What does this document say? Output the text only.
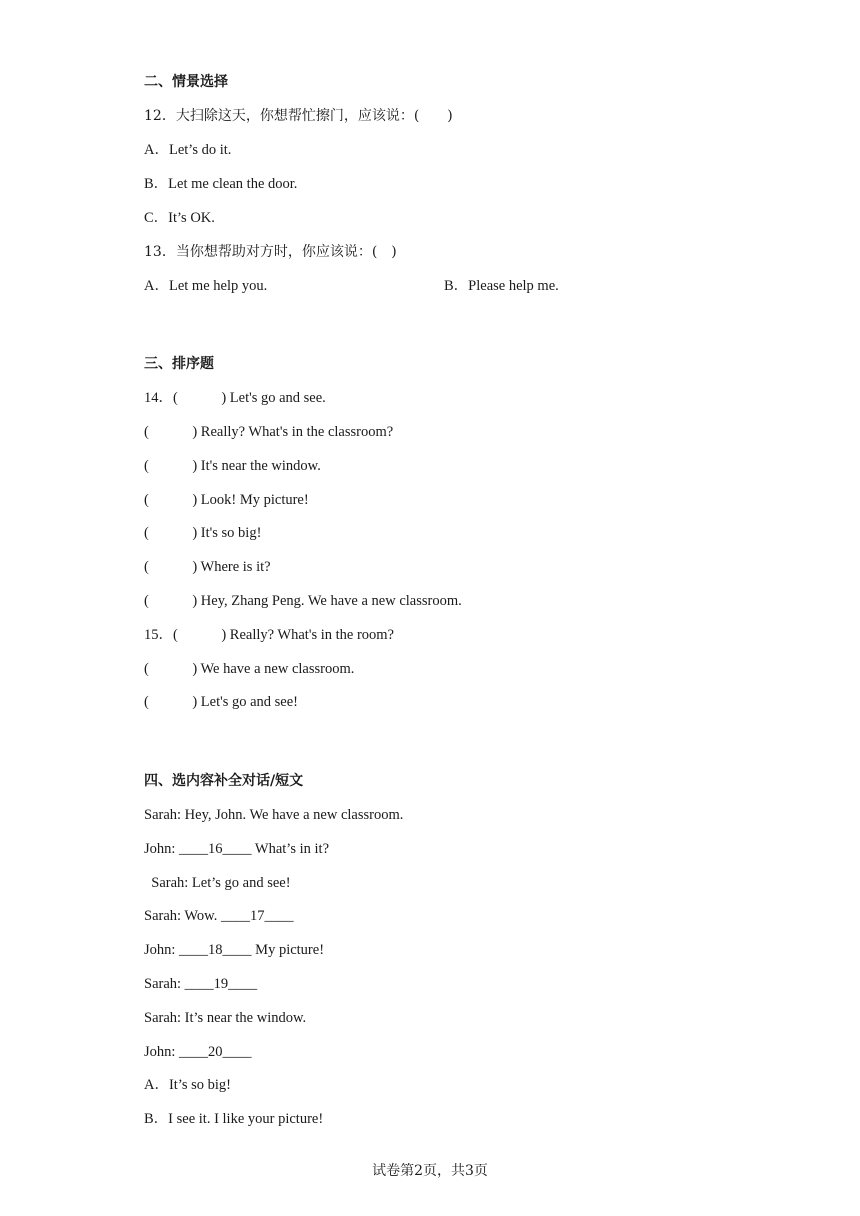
二、情景选择
12．大扫除这天，你想帮忙擦门，应该说：(　　)
A．Let’s do it.
B．Let me clean the door.
C．It’s OK.
13．当你想帮助对方时，你应该说：(　)
A．Let me help you.	B．Please help me.
三、排序题
14．(　　　) Let's go and see.
(　　　) Really? What's in the classroom?
(　　　) It's near the window.
(　　　) Look! My picture!
(　　　) It's so big!
(　　　) Where is it?
(　　　) Hey, Zhang Peng. We have a new classroom.
15．(　　　) Really? What's in the room?
(　　　) We have a new classroom.
(　　　) Let's go and see!
四、选内容补全对话/短文
Sarah: Hey, John. We have a new classroom.
John: ____16____ What’s in it?
Sarah: Let’s go and see!
Sarah: Wow. ____17____
John: ____18____ My picture!
Sarah: ____19____
Sarah: It’s near the window.
John: ____20____
A．It’s so big!
B．I see it. I like your picture!
试卷第2页，共3页
